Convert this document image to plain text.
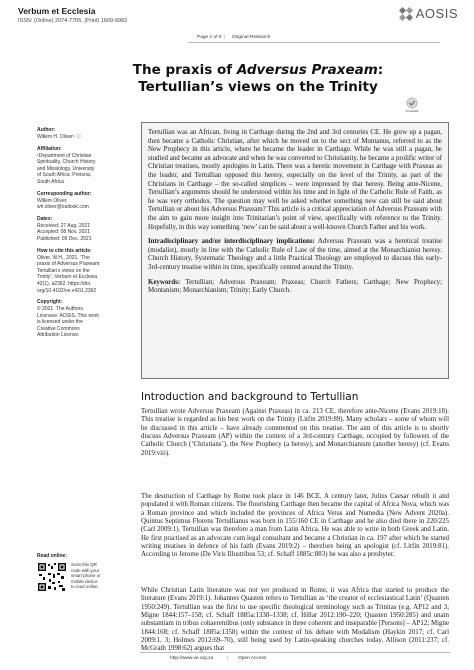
Verbum et Ecclesia
ISSN: (Online) 2074-7705, (Print) 1609-9982	AOSIS
Page 1 of 9 | Original Research
The praxis of Adversus Praxeam:
Tertullian’s views on the Trinity
CrossMark
Author:
Willem H. Oliver¹ ⓘ
Affiliation:
¹Department of Christian
Spirituality, Church History
and Missiology, University
of South Africa, Pretoria,
South Africa
Corresponding author:
Willem Oliver,
wh.oliver@outlook.com
Dates:
Received: 27 Aug. 2021
Accepted: 08 Nov. 2021
Published: 09 Dec. 2021
How to cite this article:
Oliver, W.H., 2021, ‘The
praxis of Adversus Praxeam:
Tertullian’s views on the
Trinity’, Verbum et Ecclesia
42(1), a2362. https://doi.
org/10.4102/ve.v42i1.2362
Copyright:
© 2021. The Authors.
Licensee: AOSIS. This work
is licensed under the
Creative Commons
Attribution License.
Read online:
Scan this QR
code with your
smart phone or
mobile device
to read online.

Tertullian was an African, living in Carthage during the 2nd and 3rd centuries CE. He grew up a pagan, then became a Catholic Christian, after which he moved on to the sect of Montanus, referred to as the New Prophecy in this article, where he became the leader in Carthage. While he was still a pagan, he studied and became an advocate and when he was converted to Christianity, he became a prolific writer of Christian treatises, mostly apologies in Latin. There was a heretic movement in Carthage with Praxeas as the leader, and Tertullian opposed this heresy, especially on the level of the Trinity, as part of the Christians in Carthage – the so-called simplices – were impressed by that heresy. Being ante-Nicene, Tertullian’s arguments should be understood within his time and in light of the Catholic Rule of Faith, as he was very orthodox. The question may well be asked whether something new can still be said about Tertullian or about his Adversus Praxeam? This article is a critical appreciation of Adversus Praxeam with the aim to gain more insight into Trinitarian’s point of view, specifically with reference to the Trinity. Hopefully, in this way something ‘new’ can be said about a well-known Church Father and his work.

Intradisciplinary and/or interdisciplinary implications: Adversus Praxeam was a heretical treatise (modalist), mostly in line with the Catholic Rule of Law of the time, aimed at the Monarchianist heresy. Church History, Systematic Theology and a little Practical Theology are employed to discuss this early-3rd-century treatise within its time, specifically centred around the Trinity.

Keywords: Tertullian; Adversus Praxeam; Praxeas; Church Fathers; Carthage; New Prophecy; Montanism; Monarchianism; Trinity; Early Church.

Introduction and background to Tertullian

Tertullian wrote Adversus Praxeam (Against Praxeas) in ca. 213 CE, therefore ante-Nicene (Evans 2019:18). This treatise is regarded as his best work on the Trinity (Litfin 2019:89). Many scholars – some of whom will be discussed in this article – have already commented on this treatise. The aim of this article is to shortly discuss Adversus Praxeam (AP) within the context of a 3rd-century Carthage, occupied by followers of the Catholic Church (‘Christians’), the New Prophecy (a heresy), and Monarchianism (another heresy) (cf. Evans 2019:viii).

The destruction of Carthage by Rome took place in 146 BCE. A century later, Julius Caesar rebuilt it and populated it with Roman citizens. The flourishing Carthage then became the capital of Africa Nova, which was a Roman province and which included the provinces of Africa Vetus and Numedia (New Advent 2020a). Quintus Septimus Florens Tertullianus was born in 155/160 CE in Carthage and he also died there in 220/225 (Carl 2009:1). Tertullian was therefore a man from Latin Africa. He was able to write in both Greek and Latin. He first practised as an advocate cum legal consultant and became a Christian in ca. 197 after which he started writing treatises in defence of his faith (Evans 2019:2) – therefore being an apologist (cf. Litfin 2019:81). According to Jerome (De Viris Illustribus 53; cf. Schaff 1885c:883) he was also a presbyter.

While Christian Latin literature was not yet produced in Rome, it was Africa that started to produce the literature (Evans 2019:1). Johannes Quasten refers to Tertullian as ‘the creator of ecclesiastical Latin’ (Quasten 1950:249). Tertullian was the first to use specific theological terminology such as Trinitas (e.g. AP12 and 3; Migne 1844:157–158; cf. Schaff 1885a:1338–1338; cf. Hillar 2012:190–220; Quasten 1950:285) and unam substantiam in tribus cohaerentibus (only substance in three coherent and inseparable [Persons] – AP12; Migne 1844:168; cf. Schaff 1885a:1358) within the context of his debate with Modalism (Haykin 2017; cf. Carl 2009:1, 3; Holmes 2012:69–70), still being used by Latin-speaking churches today. Allison (2011:237; cf. McGrath 1998:62) argues that

http://www.ve.org.za	| Open Access
